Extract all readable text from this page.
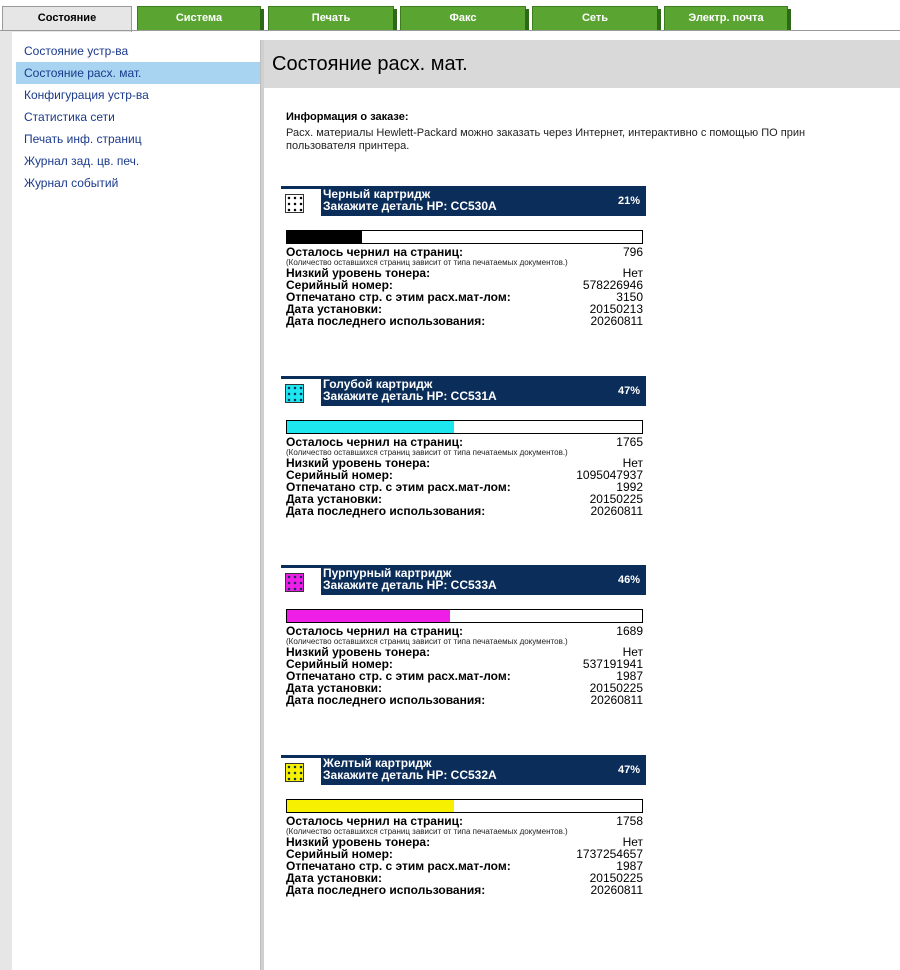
Состояние	Система	Печать	Факс	Сеть	Электр. почта
Состояние устр-ва
Состояние расх. мат.
Конфигурация устр-ва
Статистика сети
Печать инф. страниц
Журнал зад. цв. печ.
Журнал событий
Состояние расх. мат.
Информация о заказе:
Расх. материалы Hewlett-Packard можно заказать через Интернет, интерактивно с помощью ПО прин
пользователя принтера.
Черный картридж
Закажите деталь HP: CC530A	21%
Осталось чернил на страниц:	796
(Количество оставшихся страниц зависит от типа печатаемых документов.)
Низкий уровень тонера:	Нет
Серийный номер:	578226946
Отпечатано стр. с этим расх.мат-лом:	3150
Дата установки:	20150213
Дата последнего использования:	20260811
Голубой картридж
Закажите деталь HP: CC531A	47%
Осталось чернил на страниц:	1765
(Количество оставшихся страниц зависит от типа печатаемых документов.)
Низкий уровень тонера:	Нет
Серийный номер:	1095047937
Отпечатано стр. с этим расх.мат-лом:	1992
Дата установки:	20150225
Дата последнего использования:	20260811
Пурпурный картридж
Закажите деталь HP: CC533A	46%
Осталось чернил на страниц:	1689
(Количество оставшихся страниц зависит от типа печатаемых документов.)
Низкий уровень тонера:	Нет
Серийный номер:	537191941
Отпечатано стр. с этим расх.мат-лом:	1987
Дата установки:	20150225
Дата последнего использования:	20260811
Желтый картридж
Закажите деталь HP: CC532A	47%
Осталось чернил на страниц:	1758
(Количество оставшихся страниц зависит от типа печатаемых документов.)
Низкий уровень тонера:	Нет
Серийный номер:	1737254657
Отпечатано стр. с этим расх.мат-лом:	1987
Дата установки:	20150225
Дата последнего использования:	20260811
